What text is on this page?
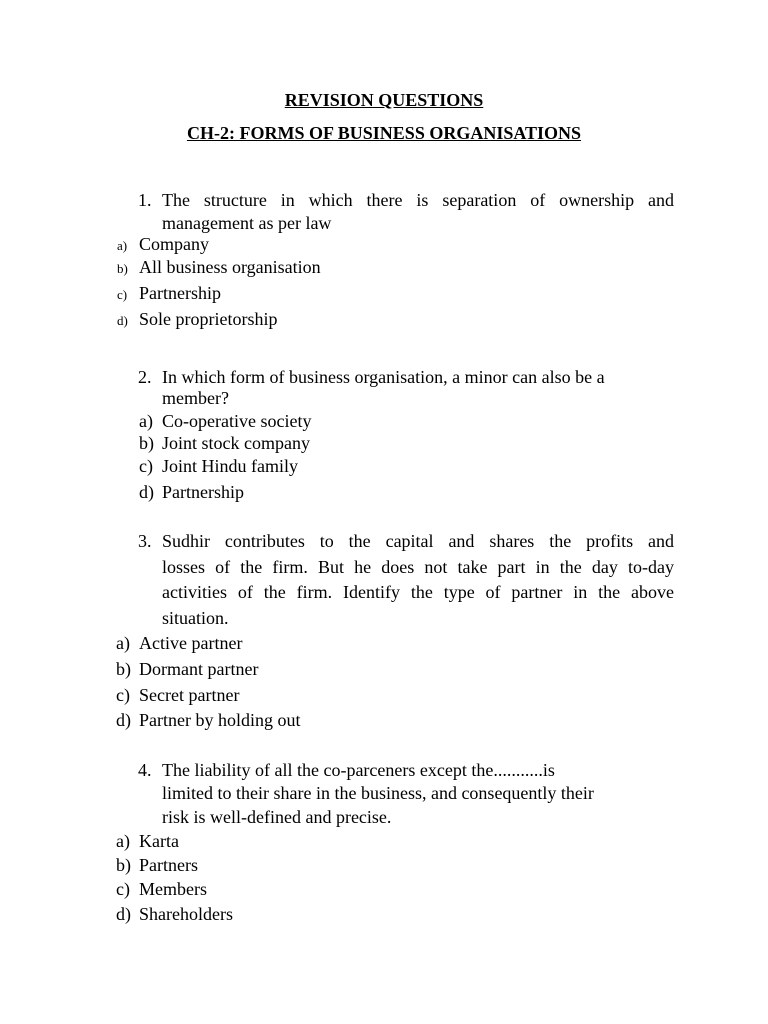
REVISION QUESTIONS
CH-2: FORMS OF BUSINESS ORGANISATIONS
1. The structure in which there is separation of ownership and
management as per law
a) Company
b) All business organisation
c) Partnership
d) Sole proprietorship
2. In which form of business organisation, a minor can also be a
member?
a) Co-operative society
b) Joint stock company
c) Joint Hindu family
d) Partnership
3. Sudhir contributes to the capital and shares the profits and
losses of the firm. But he does not take part in the day to-day
activities of the firm. Identify the type of partner in the above
situation.
a) Active partner
b) Dormant partner
c) Secret partner
d) Partner by holding out
4. The liability of all the co-parceners except the...........is
limited to their share in the business, and consequently their
risk is well-defined and precise.
a) Karta
b) Partners
c) Members
d) Shareholders
